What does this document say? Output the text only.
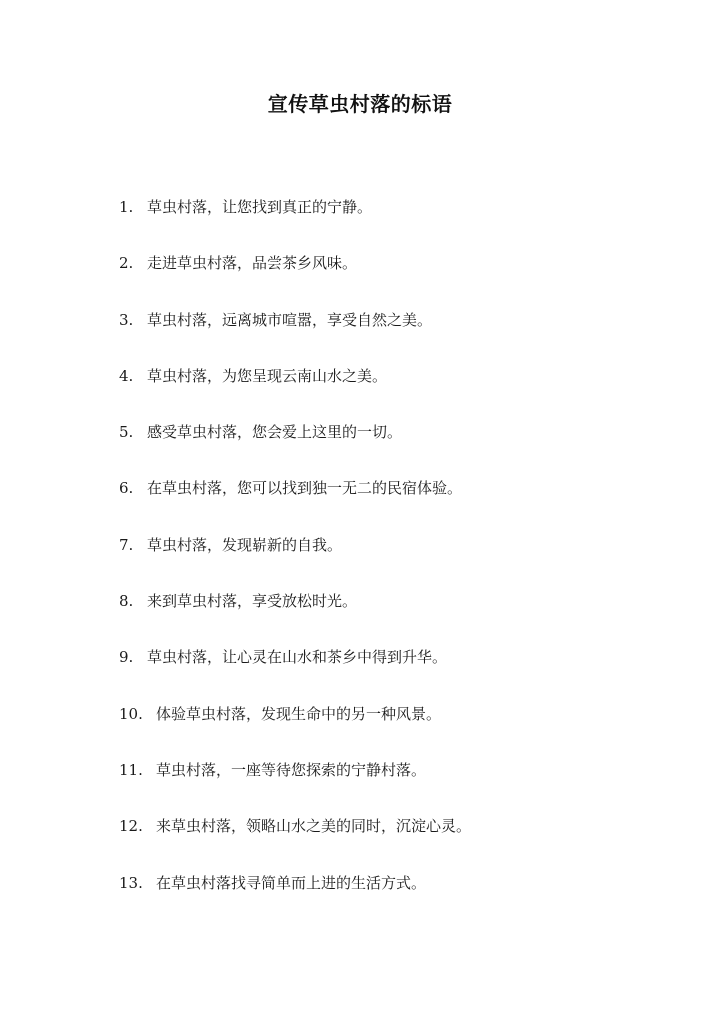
宣传草虫村落的标语
1. 草虫村落，让您找到真正的宁静。
2. 走进草虫村落，品尝茶乡风味。
3. 草虫村落，远离城市喧嚣，享受自然之美。
4. 草虫村落，为您呈现云南山水之美。
5. 感受草虫村落，您会爱上这里的一切。
6. 在草虫村落，您可以找到独一无二的民宿体验。
7. 草虫村落，发现崭新的自我。
8. 来到草虫村落，享受放松时光。
9. 草虫村落，让心灵在山水和茶乡中得到升华。
10. 体验草虫村落，发现生命中的另一种风景。
11. 草虫村落，一座等待您探索的宁静村落。
12. 来草虫村落，领略山水之美的同时，沉淀心灵。
13. 在草虫村落找寻简单而上进的生活方式。
